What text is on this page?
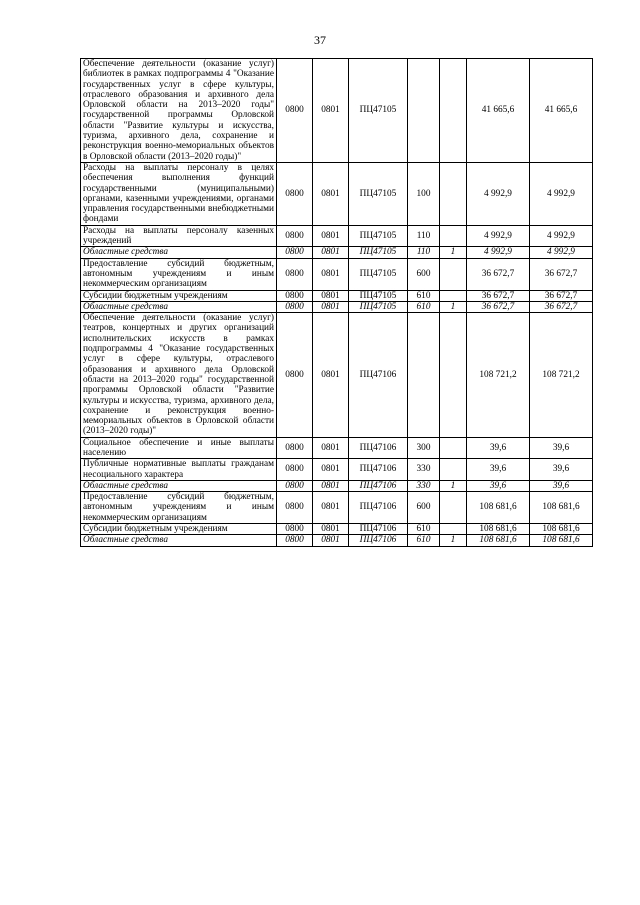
37
Обеспечение деятельности (оказание услуг) библиотек в рамках подпрограммы 4 "Оказание государственных услуг в сфере культуры, отраслевого образования и архивного дела Орловской области на 2013–2020 годы" государственной программы Орловской области "Развитие культуры и искусства, туризма, архивного дела, сохранение и реконструкция военно-мемориальных объектов в Орловской области (2013–2020 годы)"	0800	0801	ПЦ47105			41 665,6	41 665,6
Расходы на выплаты персоналу в целях обеспечения выполнения функций государственными (муниципальными) органами, казенными учреждениями, органами управления государственными внебюджетными фондами	0800	0801	ПЦ47105	100		4 992,9	4 992,9
Расходы на выплаты персоналу казенных учреждений	0800	0801	ПЦ47105	110		4 992,9	4 992,9
Областные средства	0800	0801	ПЦ47105	110	1	4 992,9	4 992,9
Предоставление субсидий бюджетным, автономным учреждениям и иным некоммерческим организациям	0800	0801	ПЦ47105	600		36 672,7	36 672,7
Субсидии бюджетным учреждениям	0800	0801	ПЦ47105	610		36 672,7	36 672,7
Областные средства	0800	0801	ПЦ47105	610	1	36 672,7	36 672,7
Обеспечение деятельности (оказание услуг) театров, концертных и других организаций исполнительских искусств в рамках подпрограммы 4 "Оказание государственных услуг в сфере культуры, отраслевого образования и архивного дела Орловской области на 2013–2020 годы" государственной программы Орловской области "Развитие культуры и искусства, туризма, архивного дела, сохранение и реконструкция военно-мемориальных объектов в Орловской области (2013–2020 годы)"	0800	0801	ПЦ47106			108 721,2	108 721,2
Социальное обеспечение и иные выплаты населению	0800	0801	ПЦ47106	300		39,6	39,6
Публичные нормативные выплаты гражданам несоциального характера	0800	0801	ПЦ47106	330		39,6	39,6
Областные средства	0800	0801	ПЦ47106	330	1	39,6	39,6
Предоставление субсидий бюджетным, автономным учреждениям и иным некоммерческим организациям	0800	0801	ПЦ47106	600		108 681,6	108 681,6
Субсидии бюджетным учреждениям	0800	0801	ПЦ47106	610		108 681,6	108 681,6
Областные средства	0800	0801	ПЦ47106	610	1	108 681,6	108 681,6
